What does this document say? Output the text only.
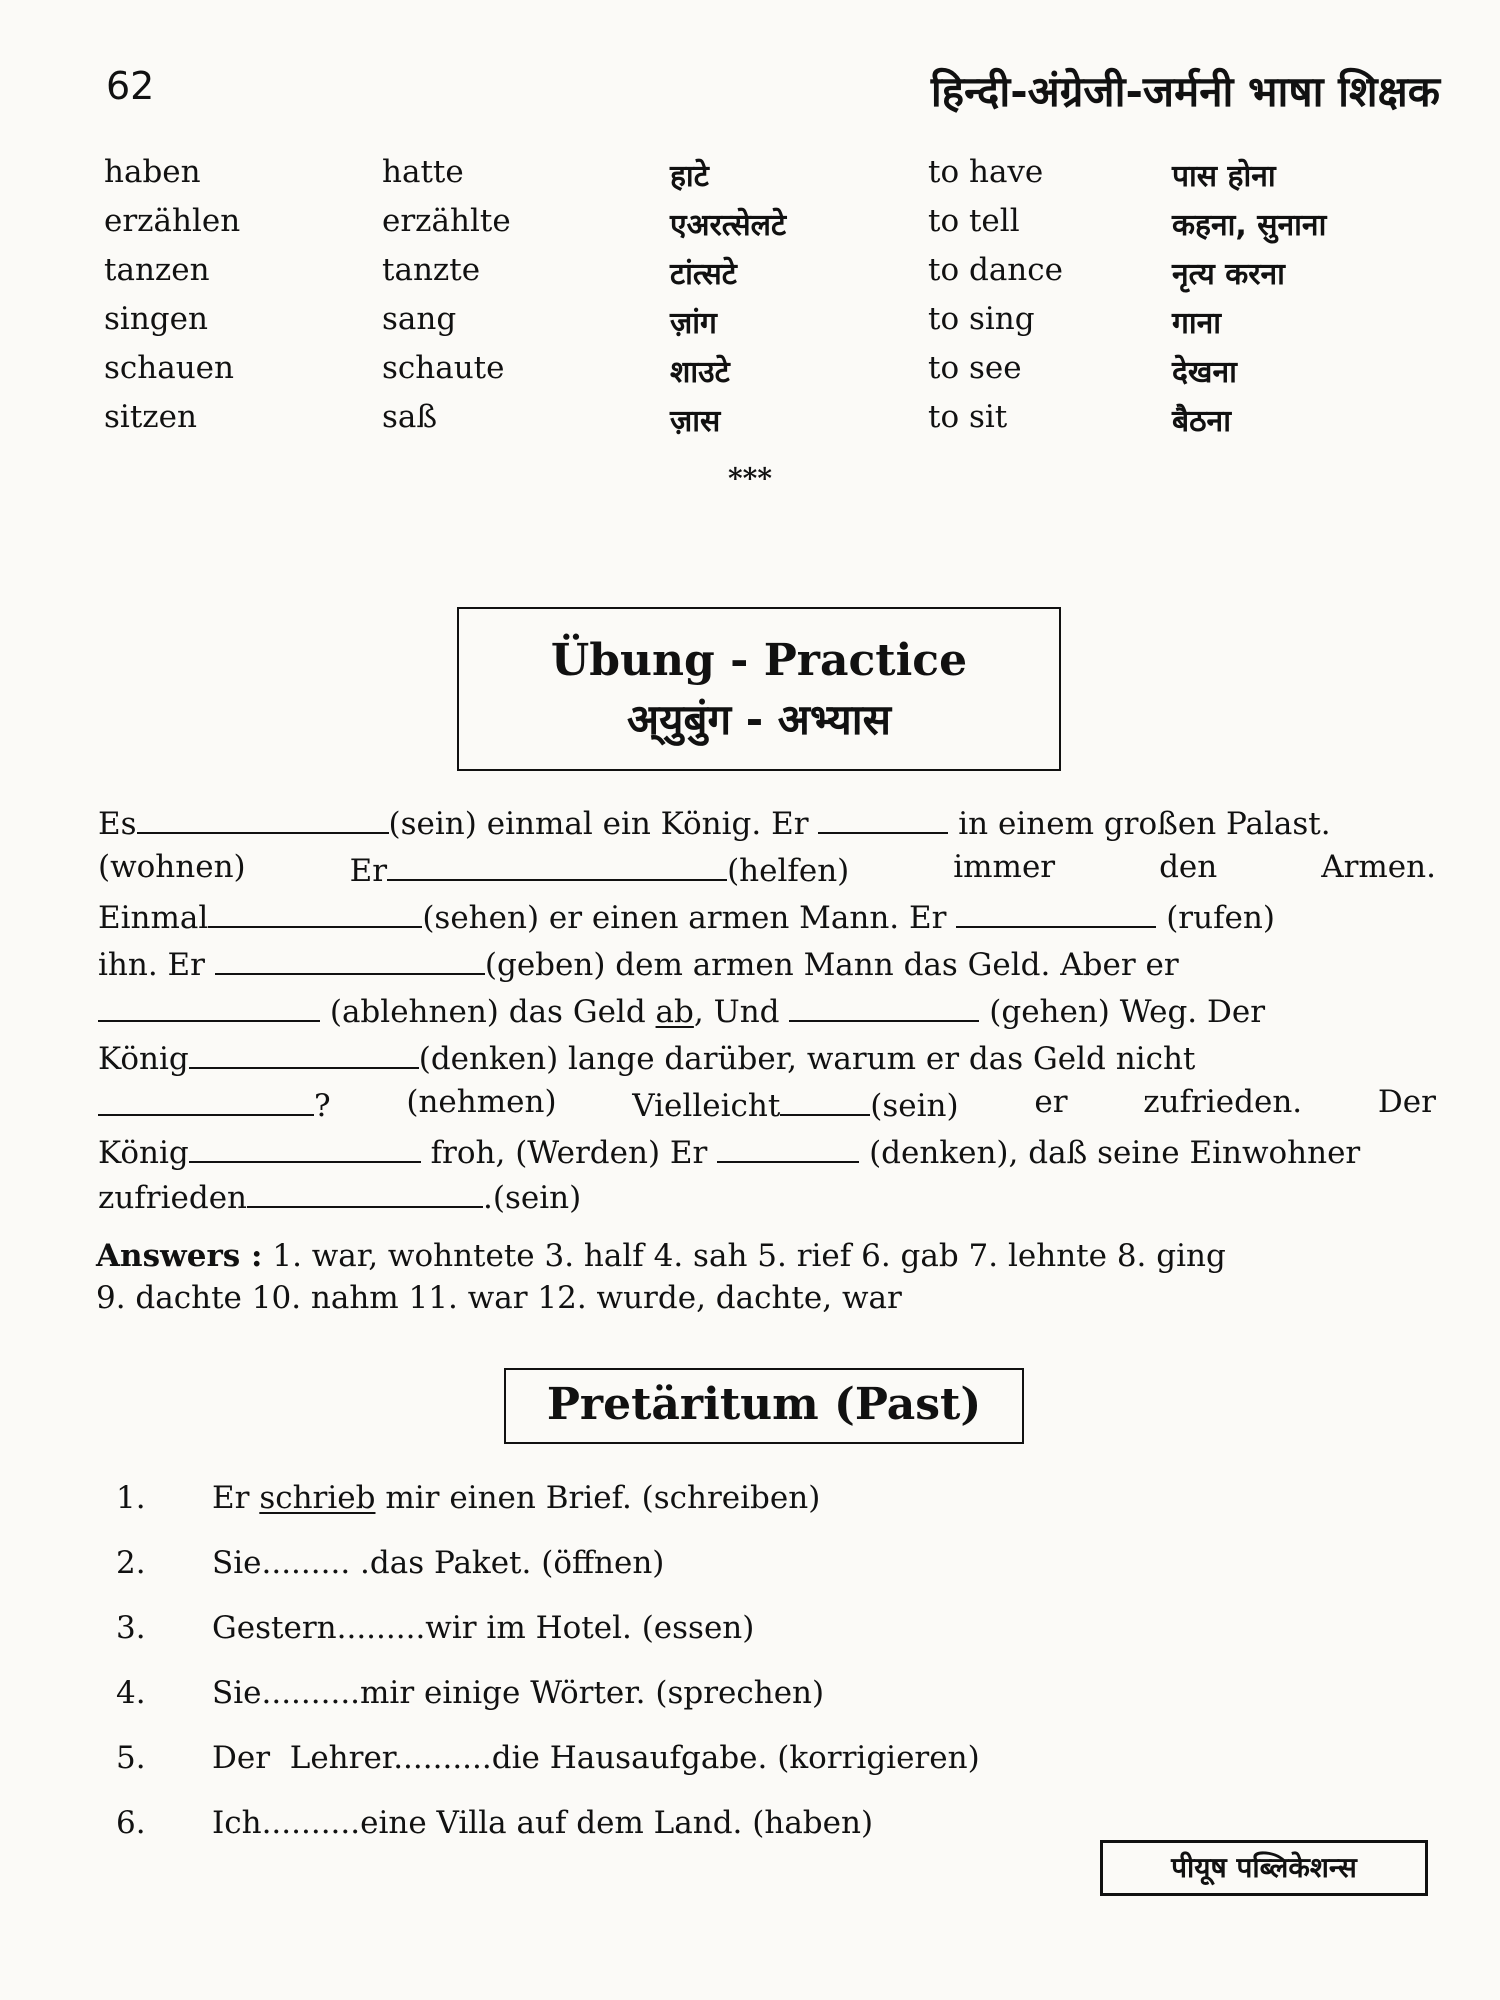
62	हिन्दी-अंग्रेजी-जर्मनी भाषा शिक्षक
haben	hatte	हाटे	to have	पास होना
erzählen	erzählte	एअरत्सेलटे	to tell	कहना, सुनाना
tanzen	tanzte	टांत्सटे	to dance	नृत्य करना
singen	sang	ज़ांग	to sing	गाना
schauen	schaute	शाउटे	to see	देखना
sitzen	saß	ज़ास	to sit	बैठना
***
Übung - Practice
अ्युबुंग - अभ्यास
Es	(sein) einmal ein König. Er	in einem großen Palast.
(wohnen)	Er	(helfen)	immer	den	Armen.
Einmal	(sehen) er einen armen Mann. Er	(rufen)
ihn. Er	(geben) dem armen Mann das Geld. Aber er
(ablehnen) das Geld ab, Und	(gehen) Weg. Der
König	(denken) lange darüber, warum er das Geld nicht
? (nehmen) Vielleicht	(sein) er zufrieden. Der
König	froh, (Werden) Er	(denken), daß seine Einwohner
zufrieden	.(sein)
Answers : 1. war, wohntete 3. half 4. sah 5. rief 6. gab 7. lehnte 8. ging
9. dachte 10. nahm 11. war 12. wurde, dachte, war
Pretäritum (Past)
1. Er schrieb mir einen Brief. (schreiben)
2. Sie......... .das Paket. (öffnen)
3. Gestern.........wir im Hotel. (essen)
4. Sie..........mir einige Wörter. (sprechen)
5. Der  Lehrer..........die Hausaufgabe. (korrigieren)
6. Ich..........eine Villa auf dem Land. (haben)
पीयूष पब्लिकेशन्स
